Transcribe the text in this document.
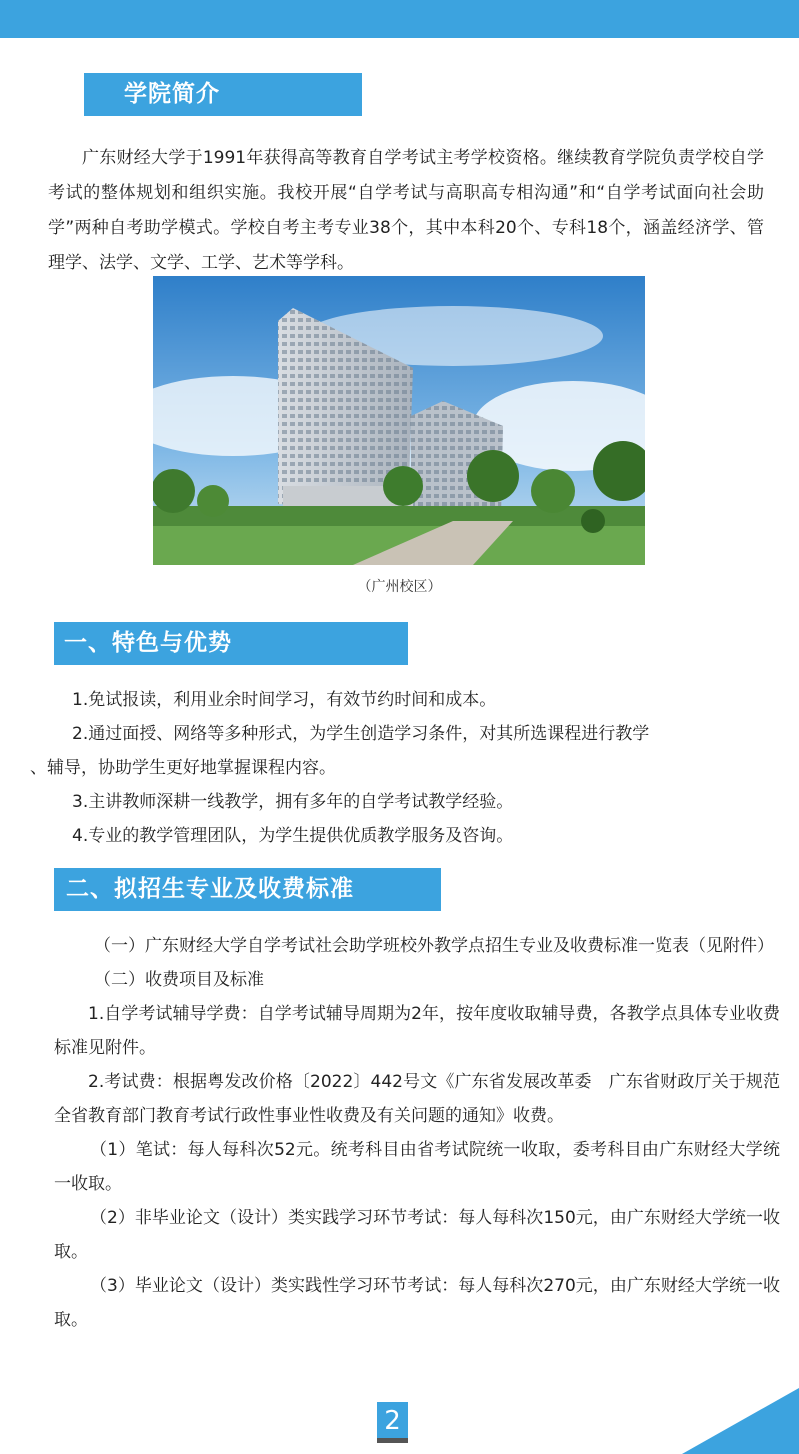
学院简介

广东财经大学于1991年获得高等教育自学考试主考学校资格。继续教育学院负责学校自学考试的整体规划和组织实施。我校开展“自学考试与高职高专相沟通”和“自学考试面向社会助学”两种自考助学模式。学校自考主考专业38个，其中本科20个、专科18个，涵盖经济学、管理学、法学、文学、工学、艺术等学科。

（广州校区）
一、特色与优势
1.免试报读，利用业余时间学习，有效节约时间和成本。
2.通过面授、网络等多种形式，为学生创造学习条件，对其所选课程进行教学
、辅导，协助学生更好地掌握课程内容。
3.主讲教师深耕一线教学，拥有多年的自学考试教学经验。
4.专业的教学管理团队，为学生提供优质教学服务及咨询。
二、拟招生专业及收费标准

（一）广东财经大学自学考试社会助学班校外教学点招生专业及收费标准一览表（见附件）

（二）收费项目及标准

1.自学考试辅导学费：自学考试辅导周期为2年，按年度收取辅导费，各教学点具体专业收费标准见附件。

2.考试费：根据粤发改价格〔2022〕442号文《广东省发展改革委　广东省财政厅关于规范全省教育部门教育考试行政性事业性收费及有关问题的通知》收费。

（1）笔试：每人每科次52元。统考科目由省考试院统一收取，委考科目由广东财经大学统一收取。

（2）非毕业论文（设计）类实践学习环节考试：每人每科次150元，由广东财经大学统一收取。

（3）毕业论文（设计）类实践性学习环节考试：每人每科次270元，由广东财经大学统一收取。

2
